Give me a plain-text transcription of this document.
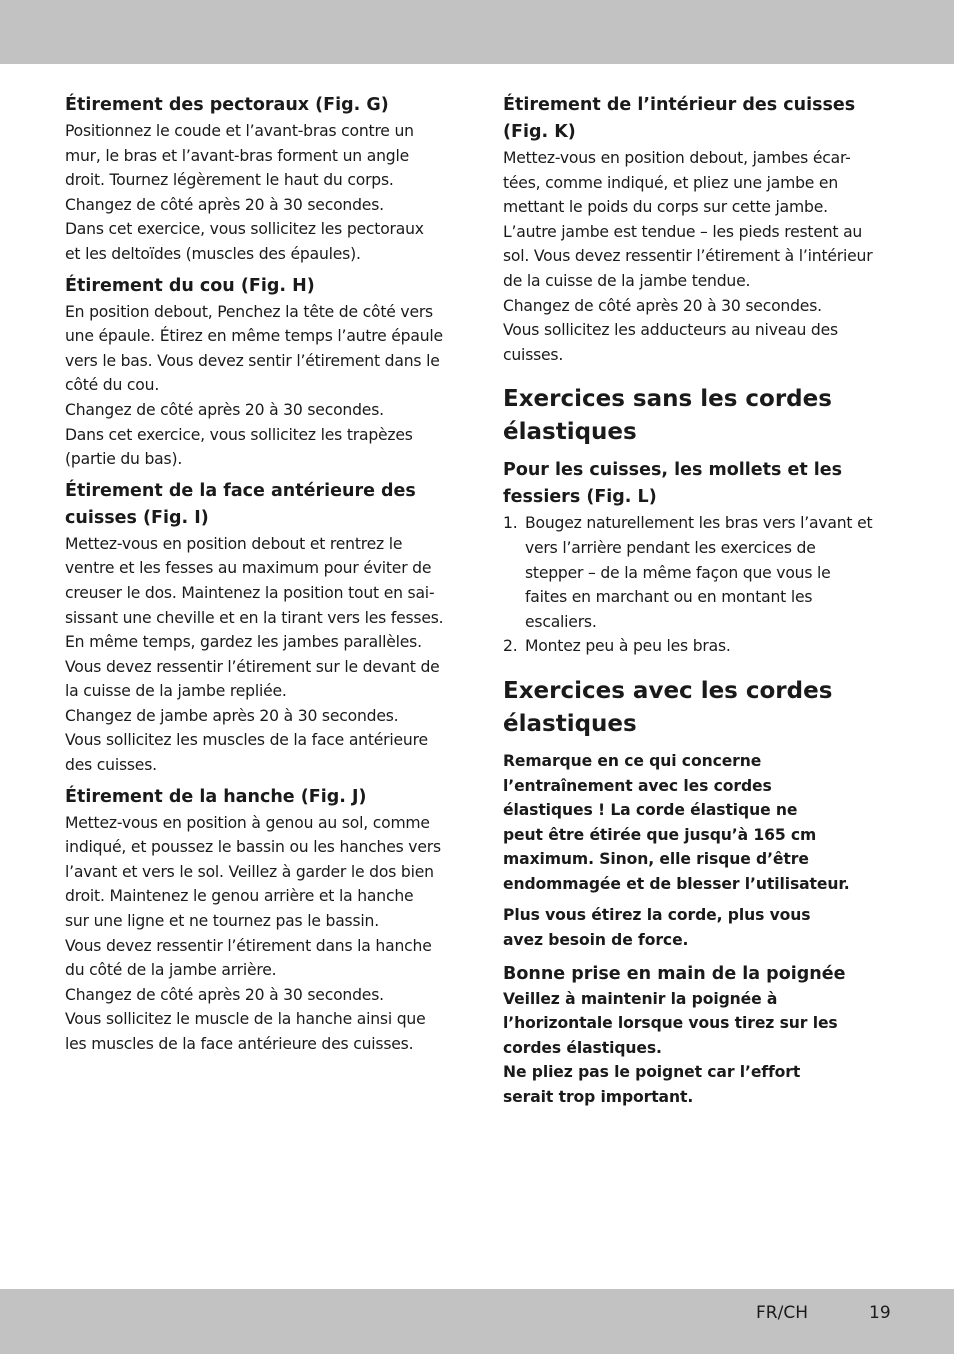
Étirement des pectoraux (Fig. G)

Positionnez le coude et l’avant-bras contre un
mur, le bras et l’avant-bras forment un angle
droit. Tournez légèrement le haut du corps.
Changez de côté après 20 à 30 secondes.
Dans cet exercice, vous sollicitez les pectoraux
et les deltoïdes (muscles des épaules).

Étirement du cou (Fig. H)

En position debout, Penchez la tête de côté vers
une épaule. Étirez en même temps l’autre épaule
vers le bas. Vous devez sentir l’étirement dans le
côté du cou.
Changez de côté après 20 à 30 secondes.
Dans cet exercice, vous sollicitez les trapèzes
(partie du bas).

Étirement de la face antérieure des cuisses (Fig. I)

Mettez-vous en position debout et rentrez le
ventre et les fesses au maximum pour éviter de
creuser le dos. Maintenez la position tout en sai-
sissant une cheville et en la tirant vers les fesses.
En même temps, gardez les jambes parallèles.
Vous devez ressentir l’étirement sur le devant de
la cuisse de la jambe repliée.
Changez de jambe après 20 à 30 secondes.
Vous sollicitez les muscles de la face antérieure
des cuisses.

Étirement de la hanche (Fig. J)

Mettez-vous en position à genou au sol, comme
indiqué, et poussez le bassin ou les hanches vers
l’avant et vers le sol. Veillez à garder le dos bien
droit. Maintenez le genou arrière et la hanche
sur une ligne et ne tournez pas le bassin.
Vous devez ressentir l’étirement dans la hanche
du côté de la jambe arrière.
Changez de côté après 20 à 30 secondes.
Vous sollicitez le muscle de la hanche ainsi que
les muscles de la face antérieure des cuisses.

Étirement de l’intérieur des cuisses (Fig. K)

Mettez-vous en position debout, jambes écar-
tées, comme indiqué, et pliez une jambe en
mettant le poids du corps sur cette jambe.
L’autre jambe est tendue – les pieds restent au
sol. Vous devez ressentir l’étirement à l’intérieur
de la cuisse de la jambe tendue.
Changez de côté après 20 à 30 secondes.
Vous sollicitez les adducteurs au niveau des
cuisses.

Exercices sans les cordes élastiques
Pour les cuisses, les mollets et les fessiers (Fig. L)
1. Bougez naturellement les bras vers l’avant et
vers l’arrière pendant les exercices de
stepper – de la même façon que vous le
faites en marchant ou en montant les
escaliers.
2. Montez peu à peu les bras.
Exercices avec les cordes élastiques

Remarque en ce qui concerne
l’entraînement avec les cordes
élastiques ! La corde élastique ne
peut être étirée que jusqu’à 165 cm
maximum. Sinon, elle risque d’être
endommagée et de blesser l’utilisateur.

Plus vous étirez la corde, plus vous
avez besoin de force.

Bonne prise en main de la poignée

Veillez à maintenir la poignée à
l’horizontale lorsque vous tirez sur les
cordes élastiques.
Ne pliez pas le poignet car l’effort
serait trop important.

FR/CH	19
